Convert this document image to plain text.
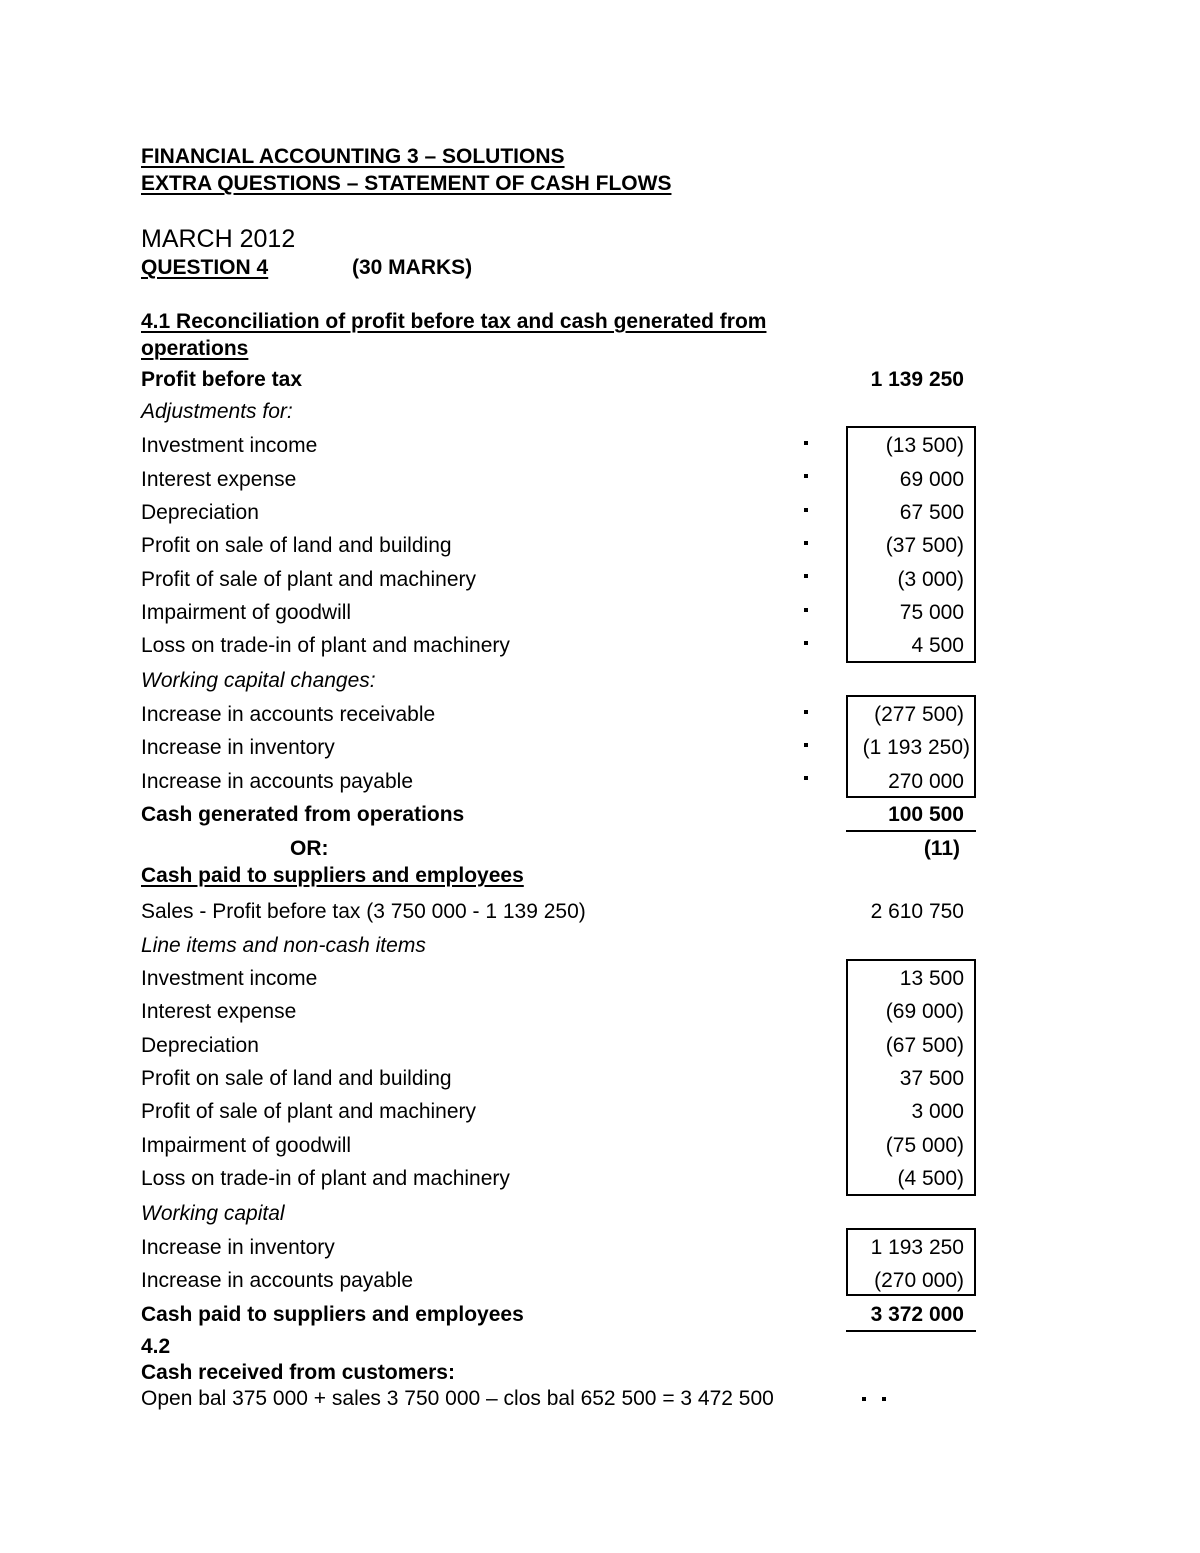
FINANCIAL ACCOUNTING 3 – SOLUTIONS
EXTRA QUESTIONS – STATEMENT OF CASH FLOWS
MARCH 2012
QUESTION 4	(30 MARKS)
4.1 Reconciliation of profit before tax and cash generated from
operations
Profit before tax	1 139 250
Adjustments for:
Investment income	(13 500)
Interest expense	69 000
Depreciation	67 500
Profit on sale of land and building	(37 500)
Profit of sale of plant and machinery	(3 000)
Impairment of goodwill	75 000
Loss on trade-in of plant and machinery	4 500
Working capital changes:
Increase in accounts receivable	(277 500)
Increase in inventory	(1 193 250)
Increase in accounts payable	270 000
Cash generated from operations	100 500
OR:	(11)
Cash paid to suppliers and employees
Sales - Profit before tax (3 750 000 - 1 139 250)	2 610 750
Line items and non-cash items
Investment income	13 500
Interest expense	(69 000)
Depreciation	(67 500)
Profit on sale of land and building	37 500
Profit of sale of plant and machinery	3 000
Impairment of goodwill	(75 000)
Loss on trade-in of plant and machinery	(4 500)
Working capital
Increase in inventory	1 193 250
Increase in accounts payable	(270 000)
Cash paid to suppliers and employees	3 372 000
4.2
Cash received from customers:
Open bal 375 000 + sales 3 750 000 – clos bal 652 500 = 3 472 500
